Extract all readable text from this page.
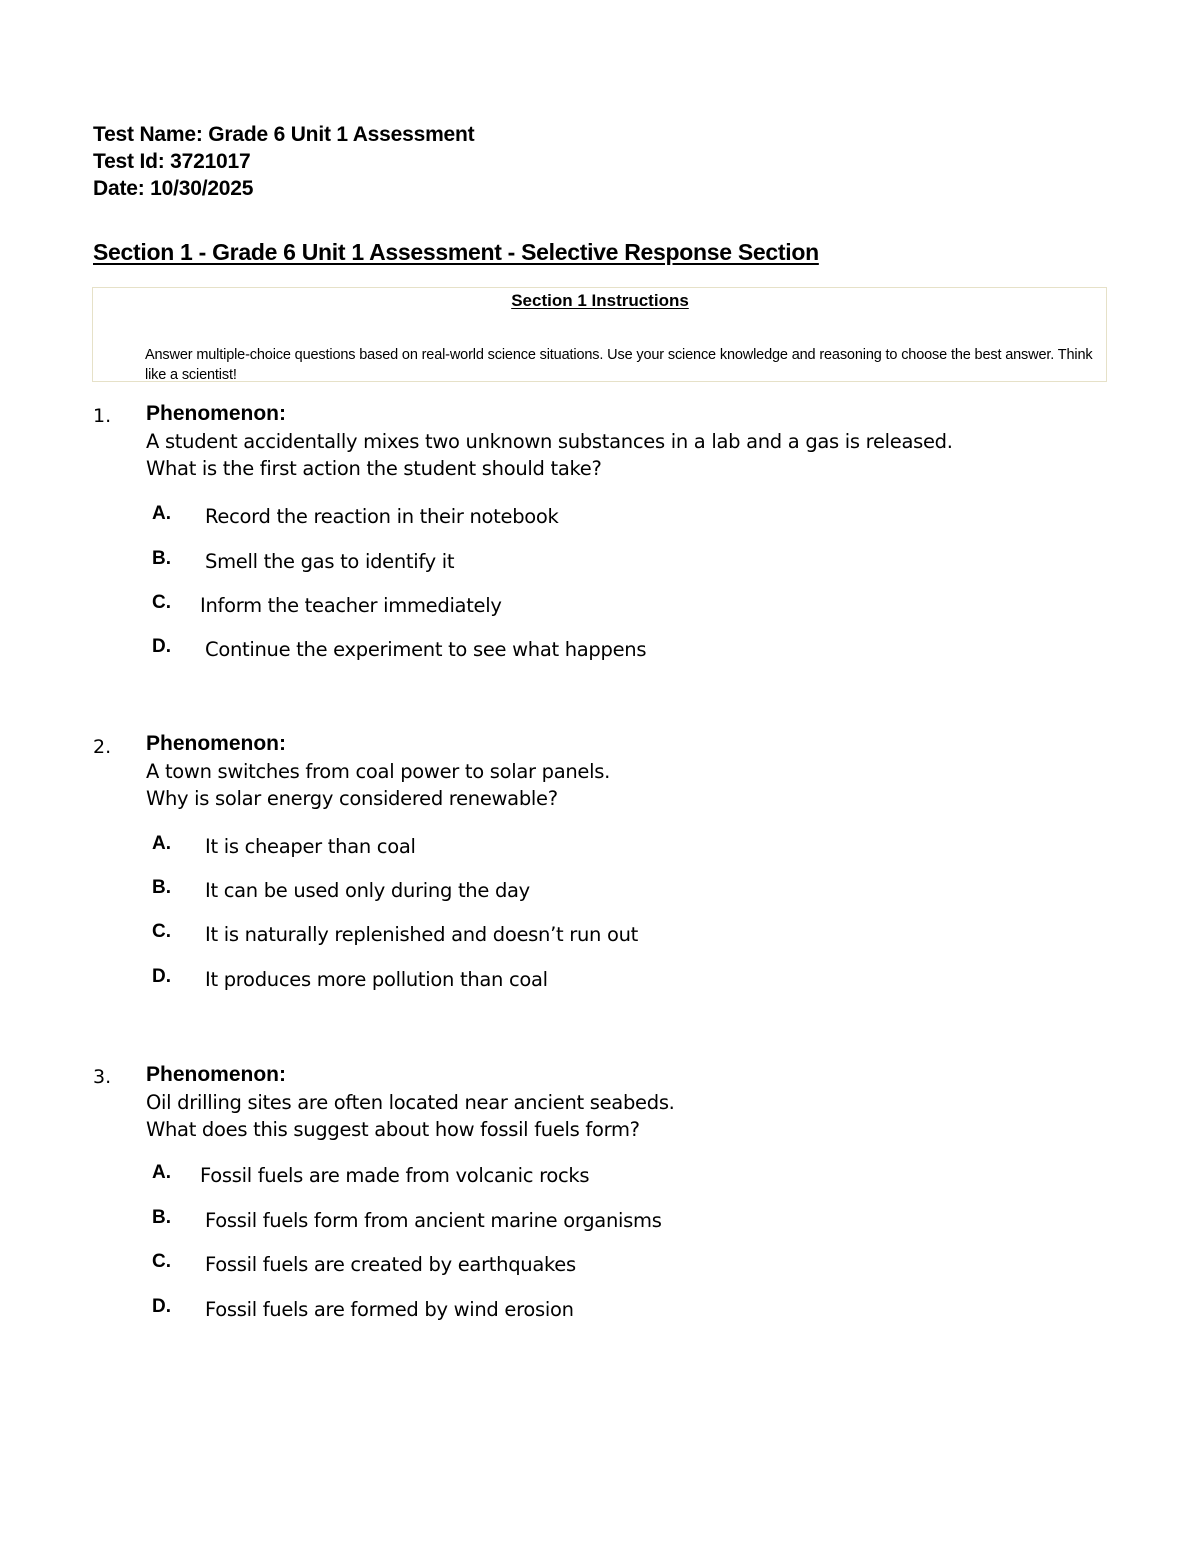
Test Name: Grade 6 Unit 1 Assessment
Test Id: 3721017
Date: 10/30/2025
Section 1 - Grade 6 Unit 1 Assessment - Selective Response Section
Section 1 Instructions
Answer multiple-choice questions based on real-world science situations. Use your science knowledge and reasoning to choose the best answer. Think like a scientist!
1. Phenomenon:
A student accidentally mixes two unknown substances in a lab and a gas is released.
What is the first action the student should take?
A. Record the reaction in their notebook
B. Smell the gas to identify it
C. Inform the teacher immediately
D. Continue the experiment to see what happens
2. Phenomenon:
A town switches from coal power to solar panels.
Why is solar energy considered renewable?
A. It is cheaper than coal
B. It can be used only during the day
C. It is naturally replenished and doesn’t run out
D. It produces more pollution than coal
3. Phenomenon:
Oil drilling sites are often located near ancient seabeds.
What does this suggest about how fossil fuels form?
A. Fossil fuels are made from volcanic rocks
B. Fossil fuels form from ancient marine organisms
C. Fossil fuels are created by earthquakes
D. Fossil fuels are formed by wind erosion
